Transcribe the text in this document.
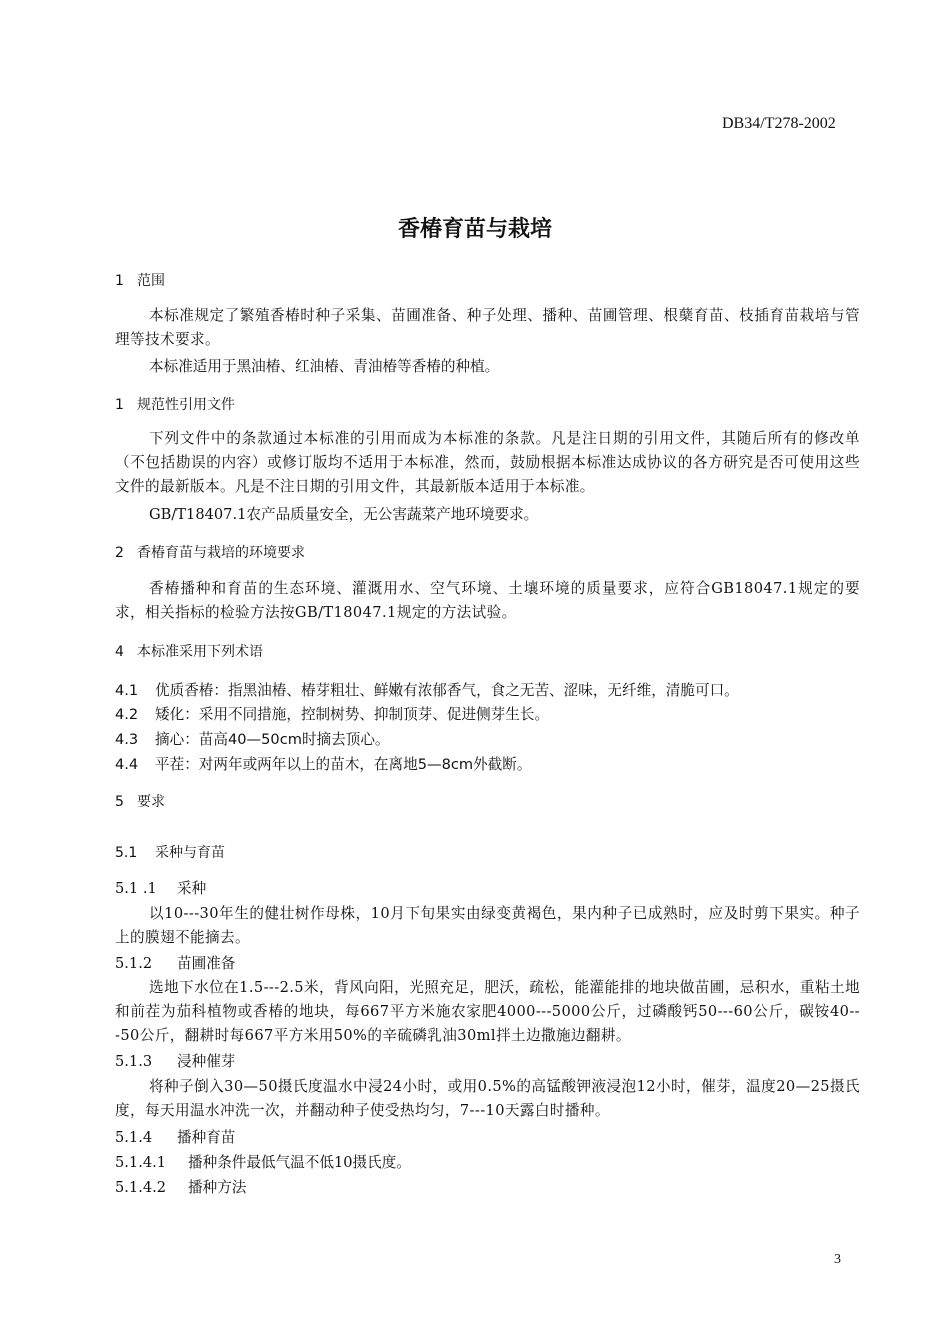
DB34/T278-2002
香椿育苗与栽培
1 范围
本标准规定了繁殖香椿时种子采集、苗圃准备、种子处理、播种、苗圃管理、根蘖育苗、枝插育苗栽培与管理等技术要求。
本标准适用于黑油椿、红油椿、青油椿等香椿的种植。
1 规范性引用文件
下列文件中的条款通过本标准的引用而成为本标准的条款。凡是注日期的引用文件，其随后所有的修改单（不包括勘误的内容）或修订版均不适用于本标准，然而，鼓励根据本标准达成协议的各方研究是否可使用这些文件的最新版本。凡是不注日期的引用文件，其最新版本适用于本标准。
GB/T18407.1农产品质量安全，无公害蔬菜产地环境要求。
2 香椿育苗与栽培的环境要求
香椿播种和育苗的生态环境、灌溉用水、空气环境、土壤环境的质量要求，应符合GB18047.1规定的要求，相关指标的检验方法按GB/T18047.1规定的方法试验。
4 本标准采用下列术语
4.1 优质香椿：指黑油椿、椿芽粗壮、鲜嫩有浓郁香气，食之无苦、涩味，无纤维，清脆可口。
4.2 矮化：采用不同措施，控制树势、抑制顶芽、促进侧芽生长。
4.3 摘心：苗高40—50cm时摘去顶心。
4.4 平茬：对两年或两年以上的苗木，在离地5—8cm外截断。
5 要求
5.1 采种与育苗
5.1 .1 采种
以10---30年生的健壮树作母株，10月下旬果实由绿变黄褐色，果内种子已成熟时，应及时剪下果实。种子上的膜翅不能摘去。
5.1.2 苗圃准备
选地下水位在1.5---2.5米，背风向阳，光照充足，肥沃，疏松，能灌能排的地块做苗圃，忌积水，重粘土地和前茬为茄科植物或香椿的地块，每667平方米施农家肥4000---5000公斤，过磷酸钙50---60公斤，碳铵40---50公斤，翻耕时每667平方米用50%的辛硫磷乳油30ml拌土边撒施边翻耕。
5.1.3 浸种催芽
将种子倒入30—50摄氏度温水中浸24小时，或用0.5%的高锰酸钾液浸泡12小时，催芽，温度20—25摄氏度，每天用温水冲洗一次，并翻动种子使受热均匀，7---10天露白时播种。
5.1.4 播种育苗
5.1.4.1 播种条件最低气温不低10摄氏度。
5.1.4.2 播种方法
3
